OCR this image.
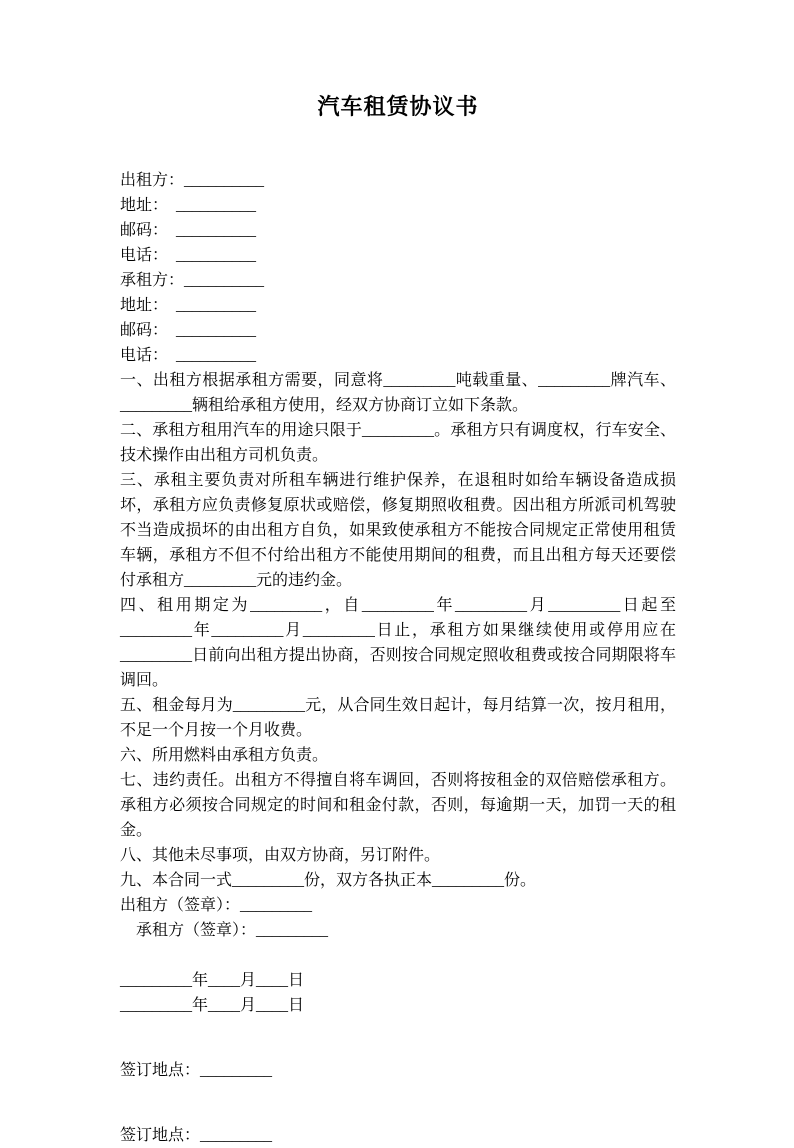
汽车租赁协议书

出租方：__________

地址：　__________

邮码：　__________

电话：　__________

承租方：__________

地址：　__________

邮码：　__________

电话：　__________

一、出租方根据承租方需要，同意将_________吨载重量、_________牌汽车、_________辆租给承租方使用，经双方协商订立如下条款。

二、承租方租用汽车的用途只限于_________。承租方只有调度权，行车安全、技术操作由出租方司机负责。

三、承租主要负责对所租车辆进行维护保养，在退租时如给车辆设备造成损坏，承租方应负责修复原状或赔偿，修复期照收租费。因出租方所派司机驾驶不当造成损坏的由出租方自负，如果致使承租方不能按合同规定正常使用租赁车辆，承租方不但不付给出租方不能使用期间的租费，而且出租方每天还要偿付承租方_________元的违约金。

四、租用期定为_________，自_________年_________月_________日起至_________年_________月_________日止，承租方如果继续使用或停用应在_________日前向出租方提出协商，否则按合同规定照收租费或按合同期限将车调回。

五、租金每月为_________元，从合同生效日起计，每月结算一次，按月租用，不足一个月按一个月收费。

六、所用燃料由承租方负责。

七、违约责任。出租方不得擅自将车调回，否则将按租金的双倍赔偿承租方。承租方必须按合同规定的时间和租金付款，否则，每逾期一天，加罚一天的租金。

八、其他未尽事项，由双方协商，另订附件。

九、本合同一式_________份，双方各执正本_________份。

出租方（签章）：_________

承租方（签章）：_________

_________年____月____日

_________年____月____日

签订地点：_________

签订地点：_________
